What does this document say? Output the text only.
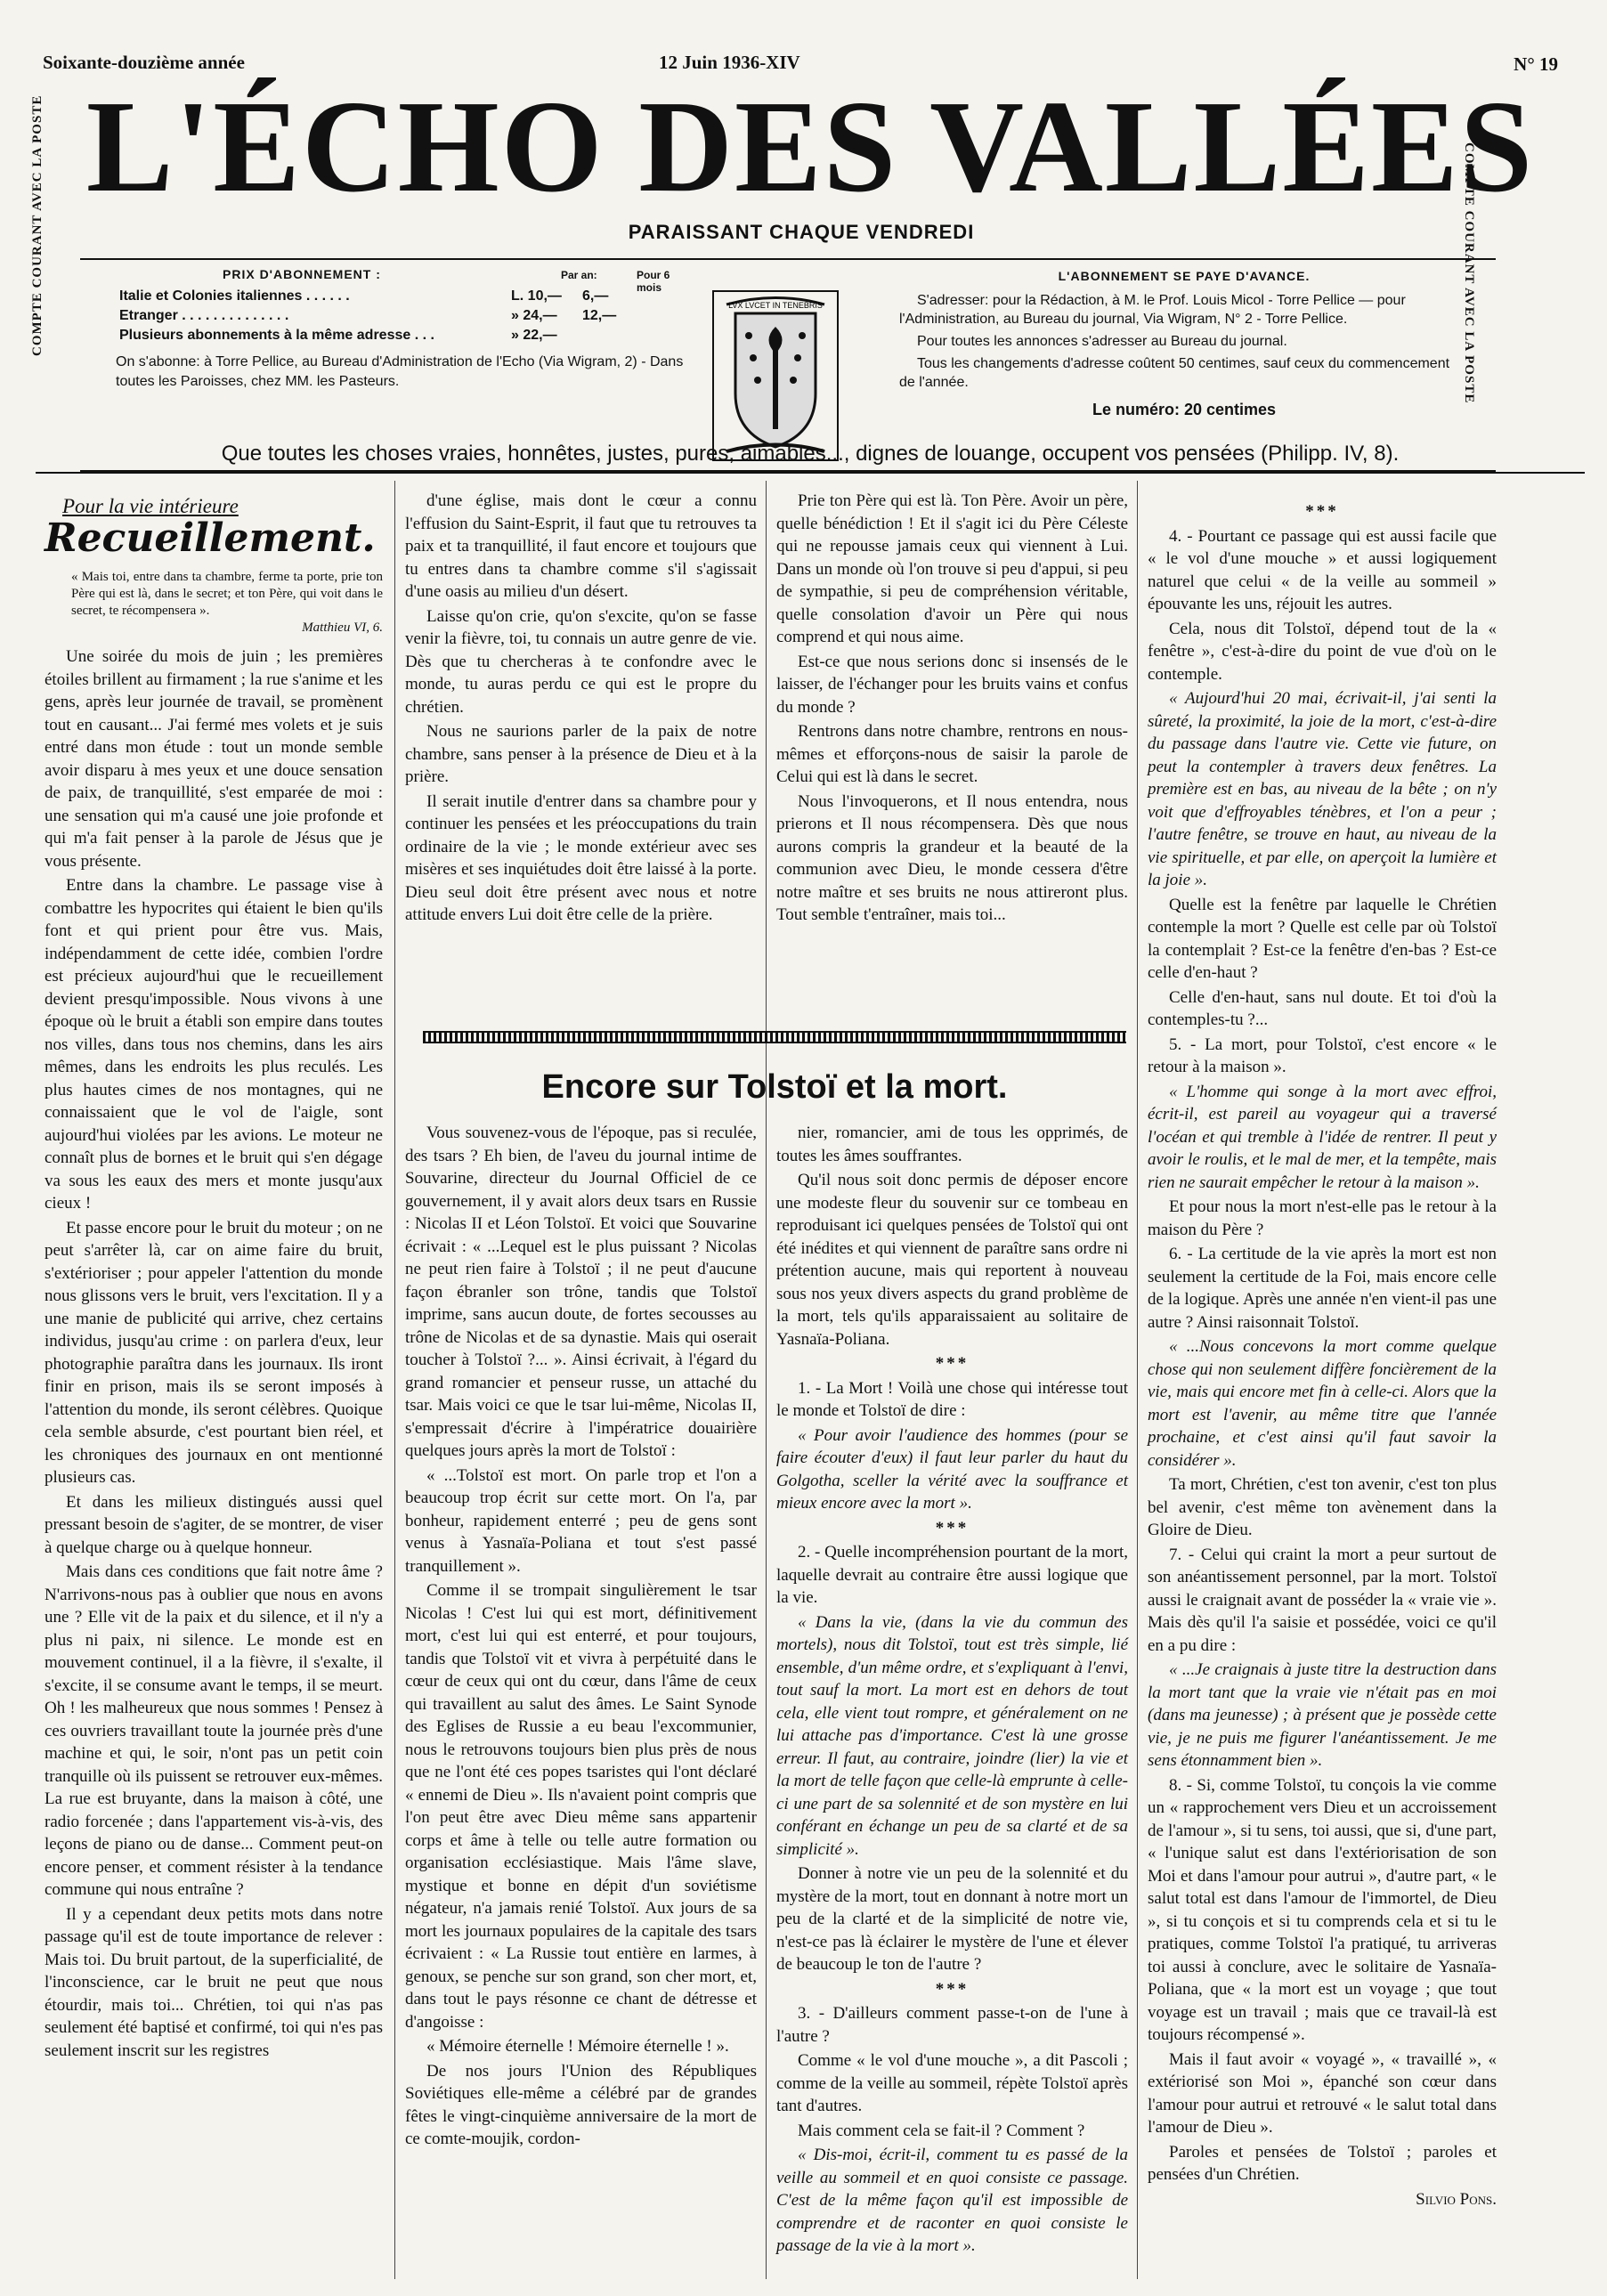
Soixante-douzième année	12 Juin 1936-XIV	N° 19
COMPTE COURANT AVEC LA POSTE	COMPTE COURANT AVEC LA POSTE
L'ÉCHO DES VALLÉES
PARAISSANT CHAQUE VENDREDI
PRIX D'ABONNEMENT :	Par an:	Pour 6 mois
Italie et Colonies italiennes . . . . . .	L. 10,—	6,—
Etranger . . . . . . . . . . . . . .	» 24,—	12,—
Plusieurs abonnements à la même adresse . . .	» 22,—	
On s'abonne: à Torre Pellice, au Bureau d'Administration de l'Echo (Via Wigram, 2) - Dans toutes les Paroisses, chez MM. les Pasteurs.
LVX LVCET IN TENEBRIS
L'ABONNEMENT SE PAYE D'AVANCE.

S'adresser: pour la Rédaction, à M. le Prof. Louis Micol - Torre Pellice — pour l'Administration, au Bureau du journal, Via Wigram, N° 2 - Torre Pellice.

Pour toutes les annonces s'adresser au Bureau du journal.

Tous les changements d'adresse coûtent 50 centimes, sauf ceux du commencement de l'année.

Le numéro: 20 centimes
Que toutes les choses vraies, honnêtes, justes, pures, aimables..., dignes de louange, occupent vos pensées (Philipp. IV, 8).
Pour la vie intérieure
Recueillement.
« Mais toi, entre dans ta chambre, ferme ta porte, prie ton Père qui est là, dans le secret; et ton Père, qui voit dans le secret, te récompensera ».
Matthieu VI, 6.

Une soirée du mois de juin ; les premières étoiles brillent au firmament ; la rue s'anime et les gens, après leur journée de travail, se promènent tout en causant... J'ai fermé mes volets et je suis entré dans mon étude : tout un monde semble avoir disparu à mes yeux et une douce sensation de paix, de tranquillité, s'est emparée de moi : une sensation qui m'a causé une joie profonde et qui m'a fait penser à la parole de Jésus que je vous présente.

Entre dans la chambre. Le passage vise à combattre les hypocrites qui étaient le bien qu'ils font et qui prient pour être vus. Mais, indépendamment de cette idée, combien l'ordre est précieux aujourd'hui que le recueillement devient presqu'impossible. Nous vivons à une époque où le bruit a établi son empire dans toutes nos villes, dans tous nos chemins, dans les airs mêmes, dans les endroits les plus reculés. Les plus hautes cimes de nos montagnes, qui ne connaissaient que le vol de l'aigle, sont aujourd'hui violées par les avions. Le moteur ne connaît plus de bornes et le bruit qui s'en dégage va sous les eaux des mers et monte jusqu'aux cieux !

Et passe encore pour le bruit du moteur ; on ne peut s'arrêter là, car on aime faire du bruit, s'extérioriser ; pour appeler l'attention du monde nous glissons vers le bruit, vers l'excitation. Il y a une manie de publicité qui arrive, chez certains individus, jusqu'au crime : on parlera d'eux, leur photographie paraîtra dans les journaux. Ils iront finir en prison, mais ils se seront imposés à l'attention du monde, ils seront célèbres. Quoique cela semble absurde, c'est pourtant bien réel, et les chroniques des journaux en ont mentionné plusieurs cas.

Et dans les milieux distingués aussi quel pressant besoin de s'agiter, de se montrer, de viser à quelque charge ou à quelque honneur.

Mais dans ces conditions que fait notre âme ? N'arrivons-nous pas à oublier que nous en avons une ? Elle vit de la paix et du silence, et il n'y a plus ni paix, ni silence. Le monde est en mouvement continuel, il a la fièvre, il s'exalte, il s'excite, il se consume avant le temps, il se meurt. Oh ! les malheureux que nous sommes ! Pensez à ces ouvriers travaillant toute la journée près d'une machine et qui, le soir, n'ont pas un petit coin tranquille où ils puissent se retrouver eux-mêmes. La rue est bruyante, dans la maison à côté, une radio forcenée ; dans l'appartement vis-à-vis, des leçons de piano ou de danse... Comment peut-on encore penser, et comment résister à la tendance commune qui nous entraîne ?

Il y a cependant deux petits mots dans notre passage qu'il est de toute importance de relever : Mais toi. Du bruit partout, de la superficialité, de l'inconscience, car le bruit ne peut que nous étourdir, mais toi... Chrétien, toi qui n'as pas seulement été baptisé et confirmé, toi qui n'es pas seulement inscrit sur les registres

d'une église, mais dont le cœur a connu l'effusion du Saint-Esprit, il faut que tu retrouves ta paix et ta tranquillité, il faut encore et toujours que tu entres dans ta chambre comme s'il s'agissait d'une oasis au milieu d'un désert.

Laisse qu'on crie, qu'on s'excite, qu'on se fasse venir la fièvre, toi, tu connais un autre genre de vie. Dès que tu chercheras à te confondre avec le monde, tu auras perdu ce qui est le propre du chrétien.

Nous ne saurions parler de la paix de notre chambre, sans penser à la présence de Dieu et à la prière.

Il serait inutile d'entrer dans sa chambre pour y continuer les pensées et les préoccupations du train ordinaire de la vie ; le monde extérieur avec ses misères et ses inquiétudes doit être laissé à la porte. Dieu seul doit être présent avec nous et notre attitude envers Lui doit être celle de la prière.

Prie ton Père qui est là. Ton Père. Avoir un père, quelle bénédiction ! Et il s'agit ici du Père Céleste qui ne repousse jamais ceux qui viennent à Lui. Dans un monde où l'on trouve si peu d'appui, si peu de sympathie, si peu de compréhension véritable, quelle consolation d'avoir un Père qui nous comprend et qui nous aime.

Est-ce que nous serions donc si insensés de le laisser, de l'échanger pour les bruits vains et confus du monde ?

Rentrons dans notre chambre, rentrons en nous-mêmes et efforçons-nous de saisir la parole de Celui qui est là dans le secret.

Nous l'invoquerons, et Il nous entendra, nous prierons et Il nous récompensera. Dès que nous aurons compris la grandeur et la beauté de la communion avec Dieu, le monde cessera d'être notre maître et ses bruits ne nous attireront plus. Tout semble t'entraîner, mais toi...

Encore sur Tolstoï et la mort.

Vous souvenez-vous de l'époque, pas si reculée, des tsars ? Eh bien, de l'aveu du journal intime de Souvarine, directeur du Journal Officiel de ce gouvernement, il y avait alors deux tsars en Russie : Nicolas II et Léon Tolstoï. Et voici que Souvarine écrivait : « ...Lequel est le plus puissant ? Nicolas ne peut rien faire à Tolstoï ; il ne peut d'aucune façon ébranler son trône, tandis que Tolstoï imprime, sans aucun doute, de fortes secousses au trône de Nicolas et de sa dynastie. Mais qui oserait toucher à Tolstoï ?... ». Ainsi écrivait, à l'égard du grand romancier et penseur russe, un attaché du tsar. Mais voici ce que le tsar lui-même, Nicolas II, s'empressait d'écrire à l'impératrice douairière quelques jours après la mort de Tolstoï :

« ...Tolstoï est mort. On parle trop et l'on a beaucoup trop écrit sur cette mort. On l'a, par bonheur, rapidement enterré ; peu de gens sont venus à Yasnaïa-Poliana et tout s'est passé tranquillement ».

Comme il se trompait singulièrement le tsar Nicolas ! C'est lui qui est mort, définitivement mort, c'est lui qui est enterré, et pour toujours, tandis que Tolstoï vit et vivra à perpétuité dans le cœur de ceux qui ont du cœur, dans l'âme de ceux qui travaillent au salut des âmes. Le Saint Synode des Eglises de Russie a eu beau l'excommunier, nous le retrouvons toujours bien plus près de nous que ne l'ont été ces popes tsaristes qui l'ont déclaré « ennemi de Dieu ». Ils n'avaient point compris que l'on peut être avec Dieu même sans appartenir corps et âme à telle ou telle autre formation ou organisation ecclésiastique. Mais l'âme slave, mystique et bonne en dépit d'un soviétisme négateur, n'a jamais renié Tolstoï. Aux jours de sa mort les journaux populaires de la capitale des tsars écrivaient : « La Russie tout entière en larmes, à genoux, se penche sur son grand, son cher mort, et, dans tout le pays résonne ce chant de détresse et d'angoisse :

« Mémoire éternelle ! Mémoire éternelle ! ».

De nos jours l'Union des Républiques Soviétiques elle-même a célébré par de grandes fêtes le vingt-cinquième anniversaire de la mort de ce comte-moujik, cordon-

nier, romancier, ami de tous les opprimés, de toutes les âmes souffrantes.

Qu'il nous soit donc permis de déposer encore une modeste fleur du souvenir sur ce tombeau en reproduisant ici quelques pensées de Tolstoï qui ont été inédites et qui viennent de paraître sans ordre ni prétention aucune, mais qui reportent à nouveau sous nos yeux divers aspects du grand problème de la mort, tels qu'ils apparaissaient au solitaire de Yasnaïa-Poliana.

***

1. - La Mort ! Voilà une chose qui intéresse tout le monde et Tolstoï de dire :

« Pour avoir l'audience des hommes (pour se faire écouter d'eux) il faut leur parler du haut du Golgotha, sceller la vérité avec la souffrance et mieux encore avec la mort ».

***

2. - Quelle incompréhension pourtant de la mort, laquelle devrait au contraire être aussi logique que la vie.

« Dans la vie, (dans la vie du commun des mortels), nous dit Tolstoï, tout est très simple, lié ensemble, d'un même ordre, et s'expliquant à l'envi, tout sauf la mort. La mort est en dehors de tout cela, elle vient tout rompre, et généralement on ne lui attache pas d'importance. C'est là une grosse erreur. Il faut, au contraire, joindre (lier) la vie et la mort de telle façon que celle-là emprunte à celle-ci une part de sa solennité et de son mystère en lui conférant en échange un peu de sa clarté et de sa simplicité ».

Donner à notre vie un peu de la solennité et du mystère de la mort, tout en donnant à notre mort un peu de la clarté et de la simplicité de notre vie, n'est-ce pas là éclairer le mystère de l'une et élever de beaucoup le ton de l'autre ?

***

3. - D'ailleurs comment passe-t-on de l'une à l'autre ?

Comme « le vol d'une mouche », a dit Pascoli ; comme de la veille au sommeil, répète Tolstoï après tant d'autres.

Mais comment cela se fait-il ? Comment ?

« Dis-moi, écrit-il, comment tu es passé de la veille au sommeil et en quoi consiste ce passage. C'est de la même façon qu'il est impossible de comprendre et de raconter en quoi consiste le passage de la vie à la mort ».

***

4. - Pourtant ce passage qui est aussi facile que « le vol d'une mouche » et aussi logiquement naturel que celui « de la veille au sommeil » épouvante les uns, réjouit les autres.

Cela, nous dit Tolstoï, dépend tout de la « fenêtre », c'est-à-dire du point de vue d'où on le contemple.

« Aujourd'hui 20 mai, écrivait-il, j'ai senti la sûreté, la proximité, la joie de la mort, c'est-à-dire du passage dans l'autre vie. Cette vie future, on peut la contempler à travers deux fenêtres. La première est en bas, au niveau de la bête ; on n'y voit que d'effroyables ténèbres, et l'on a peur ; l'autre fenêtre, se trouve en haut, au niveau de la vie spirituelle, et par elle, on aperçoit la lumière et la joie ».

Quelle est la fenêtre par laquelle le Chrétien contemple la mort ? Quelle est celle par où Tolstoï la contemplait ? Est-ce la fenêtre d'en-bas ? Est-ce celle d'en-haut ?

Celle d'en-haut, sans nul doute. Et toi d'où la contemples-tu ?...

5. - La mort, pour Tolstoï, c'est encore « le retour à la maison ».

« L'homme qui songe à la mort avec effroi, écrit-il, est pareil au voyageur qui a traversé l'océan et qui tremble à l'idée de rentrer. Il peut y avoir le roulis, et le mal de mer, et la tempête, mais rien ne saurait empêcher le retour à la maison ».

Et pour nous la mort n'est-elle pas le retour à la maison du Père ?

6. - La certitude de la vie après la mort est non seulement la certitude de la Foi, mais encore celle de la logique. Après une année n'en vient-il pas une autre ? Ainsi raisonnait Tolstoï.

« ...Nous concevons la mort comme quelque chose qui non seulement diffère foncièrement de la vie, mais qui encore met fin à celle-ci. Alors que la mort est l'avenir, au même titre que l'année prochaine, et c'est ainsi qu'il faut savoir la considérer ».

Ta mort, Chrétien, c'est ton avenir, c'est ton plus bel avenir, c'est même ton avènement dans la Gloire de Dieu.

7. - Celui qui craint la mort a peur surtout de son anéantissement personnel, par la mort. Tolstoï aussi le craignait avant de posséder la « vraie vie ». Mais dès qu'il l'a saisie et possédée, voici ce qu'il en a pu dire :

« ...Je craignais à juste titre la destruction dans la mort tant que la vraie vie n'était pas en moi (dans ma jeunesse) ; à présent que je possède cette vie, je ne puis me figurer l'anéantissement. Je me sens étonnamment bien ».

8. - Si, comme Tolstoï, tu conçois la vie comme un « rapprochement vers Dieu et un accroissement de l'amour », si tu sens, toi aussi, que si, d'une part, « l'unique salut est dans l'extériorisation de son Moi et dans l'amour pour autrui », d'autre part, « le salut total est dans l'amour de l'immortel, de Dieu », si tu conçois et si tu comprends cela et si tu le pratiques, comme Tolstoï l'a pratiqué, tu arriveras toi aussi à conclure, avec le solitaire de Yasnaïa-Poliana, que « la mort est un voyage ; que tout voyage est un travail ; mais que ce travail-là est toujours récompensé ».

Mais il faut avoir « voyagé », « travaillé », « extériorisé son Moi », épanché son cœur dans l'amour pour autrui et retrouvé « le salut total dans l'amour de Dieu ».

Paroles et pensées de Tolstoï ; paroles et pensées d'un Chrétien.

Silvio Pons.
